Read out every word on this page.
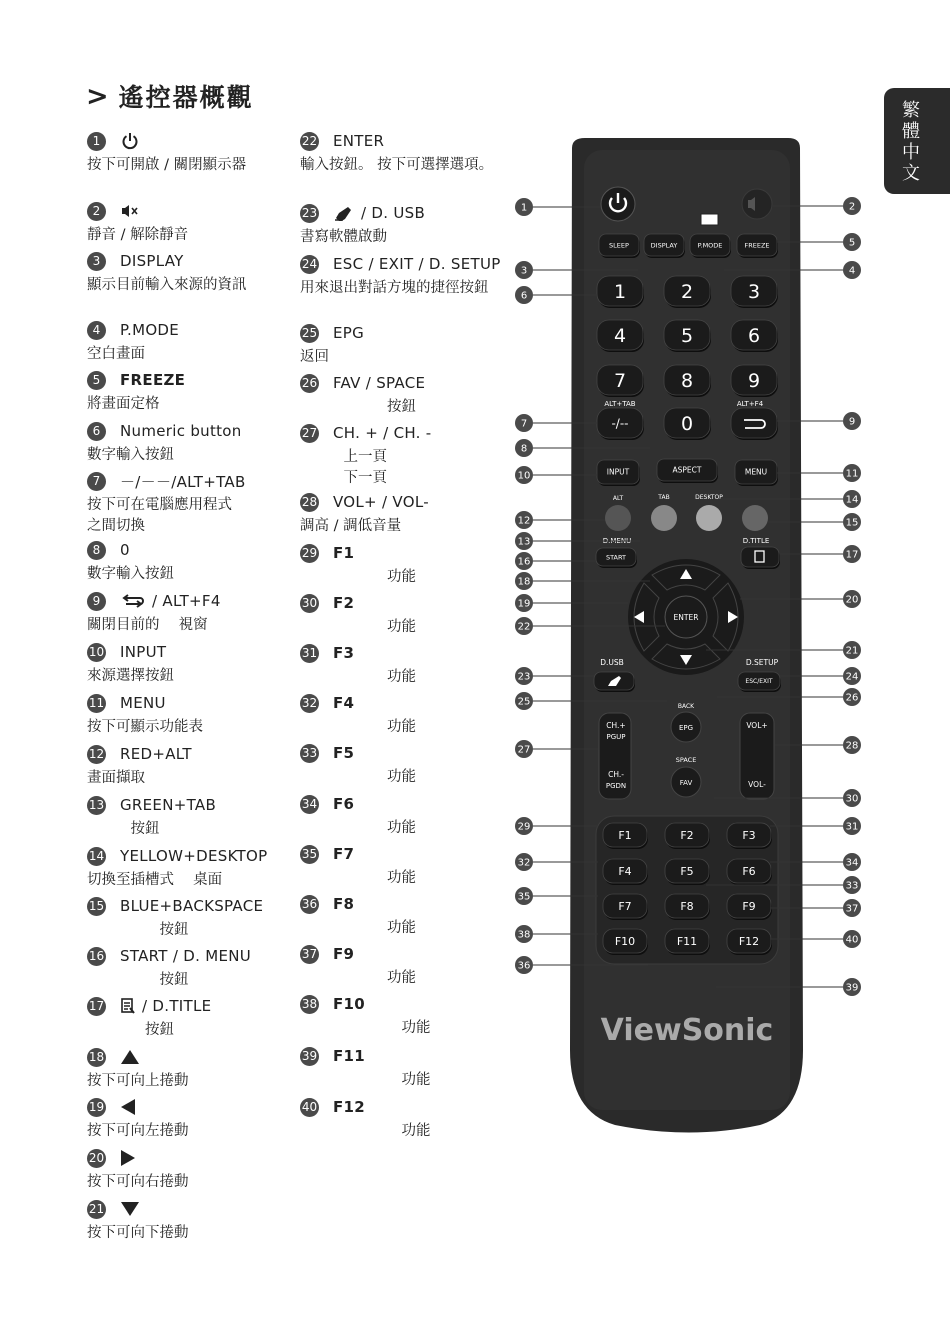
> 遙控器概觀
繁體中文
1
按下可開啟 / 關閉顯示器
2
靜音 / 解除靜音
3	DISPLAY
顯示目前輸入來源的資訊
4	P.MODE
空白畫面
5	FREEZE
將畫面定格
6	Numeric button
數字輸入按鈕
7	－/－－/ALT+TAB
按下可在電腦應用程式
之間切換
8	0
數字輸入按鈕
9	/ ALT+F4
關閉目前的　 視窗
10 INPUT
來源選擇按鈕
11 MENU
按下可顯示功能表
12 RED+ALT
畫面擷取
13 GREEN+TAB
　　　按鈕
14 YELLOW+DESKTOP
切換至插槽式　 桌面
15 BLUE+BACKSPACE
　　　　　按鈕
16 START / D. MENU
　　　　　按鈕
17	/ D.TITLE
　　　　按鈕
18
按下可向上捲動
19
按下可向左捲動
20
按下可向右捲動
21
按下可向下捲動
22 ENTER
輸入按鈕。 按下可選擇選項。
23	/ D. USB
書寫軟體啟動
24 ESC / EXIT / D. SETUP
用來退出對話方塊的捷徑按鈕
25 EPG
返回
26 FAV / SPACE
　　　　　　按鈕
27 CH. + / CH. -
　　　上一頁
　　　下一頁
28 VOL+ / VOL-
調高 / 調低音量
29 F1
　　　　　　功能
30 F2
　　　　　　功能
31 F3
　　　　　　功能
32 F4
　　　　　　功能
33 F5
　　　　　　功能
34 F6
　　　　　　功能
35 F7
　　　　　　功能
36 F8
　　　　　　功能
37 F9
　　　　　　功能
38 F10
　　　　　　　功能
39 F11
　　　　　　　功能
40 F12
　　　　　　　功能
SLEEP	DISPLAY	P.MODE	FREEZE
1	2	3
4	5	6
7	8	9
ALT+TAB	ALT+F4
-/--	0
INPUT	ASPECT	MENU
ALT	TAB	DESKTOP
D.MENU	D.TITLE
START
ENTER
D.USB	D.SETUP
ESC/EXIT
BACK
CH.+
PGUP
CH.-
PGDN
EPG
SPACE
FAV
VOL+
VOL-
F1	F2	F3
F4	F5	F6
F7	F8	F9
F10	F11	F12
ViewSonic
1	2
3	4
5
6
7
8
9
10	11
12
13
14
15
16
17
18
19	20
21
22
23	24
25	26
27	28
29
30
31
32
33
34
35
36
37
38
39
40
